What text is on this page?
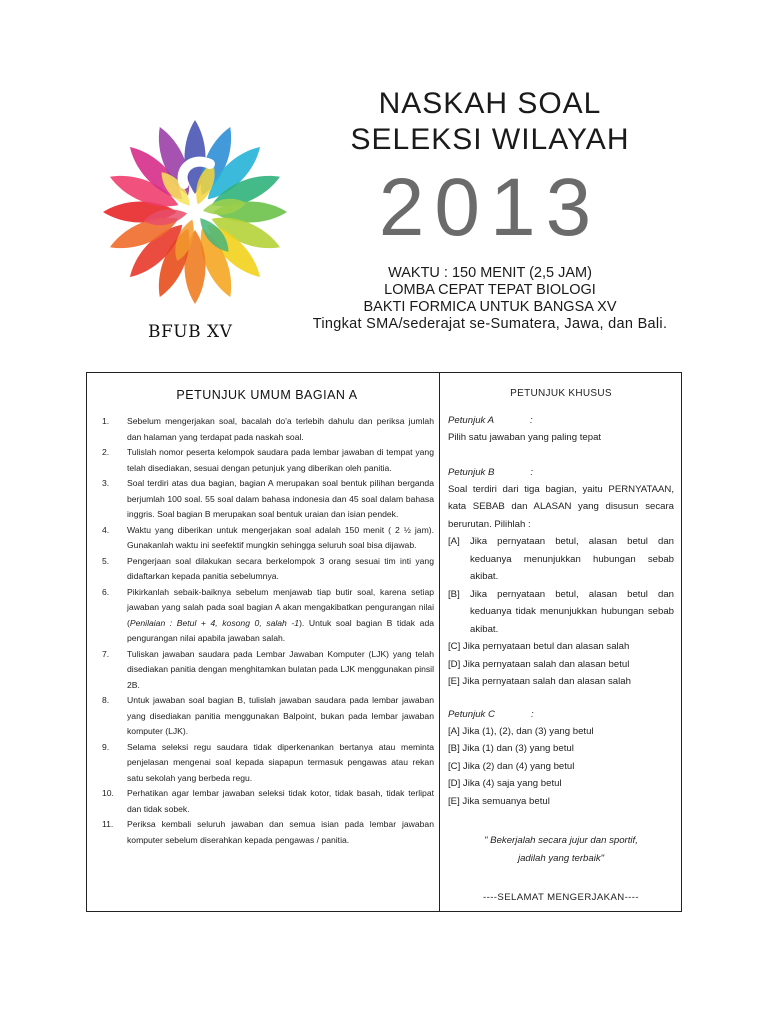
BFUB XV
NASKAH SOAL
SELEKSI WILAYAH
2013
WAKTU : 150 MENIT (2,5 JAM)
LOMBA CEPAT TEPAT BIOLOGI
BAKTI FORMICA UNTUK BANGSA XV
Tingkat SMA/sederajat se-Sumatera, Jawa, dan Bali.
PETUNJUK UMUM BAGIAN A
1. Sebelum mengerjakan soal, bacalah do'a terlebih dahulu dan periksa jumlah dan halaman yang terdapat pada naskah soal.
2. Tulislah nomor peserta kelompok saudara pada lembar jawaban di tempat yang telah disediakan, sesuai dengan petunjuk yang diberikan oleh panitia.
3. Soal terdiri atas dua bagian, bagian A merupakan soal bentuk pilihan berganda berjumlah 100 soal. 55 soal dalam bahasa indonesia dan 45 soal dalam bahasa inggris. Soal bagian B merupakan soal bentuk uraian dan isian pendek.
4. Waktu yang diberikan untuk mengerjakan soal adalah 150 menit ( 2 ½ jam). Gunakanlah waktu ini seefektif mungkin sehingga seluruh soal bisa dijawab.
5. Pengerjaan soal dilakukan secara berkelompok 3 orang sesuai tim inti yang didaftarkan kepada panitia sebelumnya.
6. Pikirkanlah sebaik-baiknya sebelum menjawab tiap butir soal, karena setiap jawaban yang salah pada soal bagian A akan mengakibatkan pengurangan nilai (Penilaian : Betul + 4, kosong 0, salah -1). Untuk soal bagian B tidak ada pengurangan nilai apabila jawaban salah.
7. Tuliskan jawaban saudara pada Lembar Jawaban Komputer (LJK) yang telah disediakan panitia dengan menghitamkan bulatan pada LJK menggunakan pinsil 2B.
8. Untuk jawaban soal bagian B, tulislah jawaban saudara pada lembar jawaban yang disediakan panitia menggunakan Balpoint, bukan pada lembar jawaban komputer (LJK).
9. Selama seleksi regu saudara tidak diperkenankan bertanya atau meminta penjelasan mengenai soal kepada siapapun termasuk pengawas atau rekan satu sekolah yang berbeda regu.
10. Perhatikan agar lembar jawaban seleksi tidak kotor, tidak basah, tidak terlipat dan tidak sobek.
11. Periksa kembali seluruh jawaban dan semua isian pada lembar jawaban komputer sebelum diserahkan kepada pengawas / panitia.
PETUNJUK KHUSUS
Petunjuk A	:

Pilih satu jawaban yang paling tepat

Petunjuk B	:

Soal terdiri dari tiga bagian, yaitu PERNYATAAN, kata SEBAB dan ALASAN yang disusun secara berurutan. Pilihlah :

[A] Jika pernyataan betul, alasan betul dan keduanya menunjukkan hubungan sebab akibat.
[B] Jika pernyataan betul, alasan betul dan keduanya tidak menunjukkan hubungan sebab akibat.
[C] Jika pernyataan betul dan alasan salah
[D] Jika pernyataan salah dan alasan betul
[E] Jika pernyataan salah dan alasan salah
Petunjuk C	:
[A] Jika (1), (2), dan (3) yang betul
[B] Jika (1) dan (3) yang betul
[C] Jika (2) dan (4) yang betul
[D] Jika (4) saja yang betul
[E] Jika semuanya betul
" Bekerjalah secara jujur dan sportif,
jadilah yang terbaik"
----SELAMAT MENGERJAKAN----
